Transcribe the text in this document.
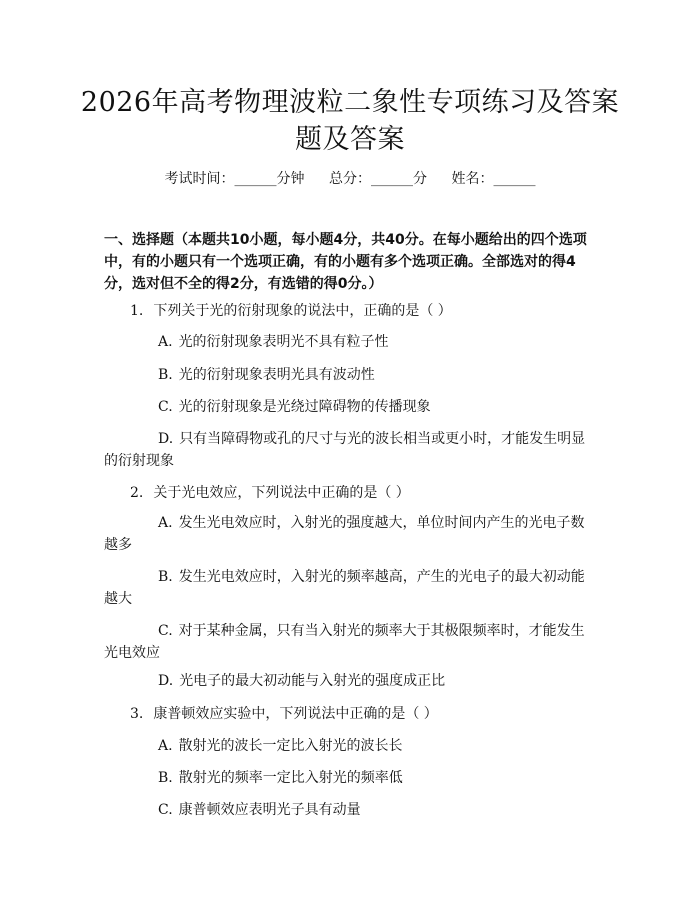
2026年高考物理波粒二象性专项练习及答案题及答案
考试时间：______分钟 总分：______分 姓名：______
一、选择题（本题共10小题，每小题4分，共40分。在每小题给出的四个选项中，有的小题只有一个选项正确，有的小题有多个选项正确。全部选对的得4分，选对但不全的得2分，有选错的得0分。）
1. 下列关于光的衍射现象的说法中，正确的是（ ）
A. 光的衍射现象表明光不具有粒子性
B. 光的衍射现象表明光具有波动性
C. 光的衍射现象是光绕过障碍物的传播现象
D. 只有当障碍物或孔的尺寸与光的波长相当或更小时，才能发生明显的衍射现象
2. 关于光电效应，下列说法中正确的是（ ）
A. 发生光电效应时，入射光的强度越大，单位时间内产生的光电子数越多
B. 发生光电效应时，入射光的频率越高，产生的光电子的最大初动能越大
C. 对于某种金属，只有当入射光的频率大于其极限频率时，才能发生光电效应
D. 光电子的最大初动能与入射光的强度成正比
3. 康普顿效应实验中，下列说法中正确的是（ ）
A. 散射光的波长一定比入射光的波长长
B. 散射光的频率一定比入射光的频率低
C. 康普顿效应表明光子具有动量
